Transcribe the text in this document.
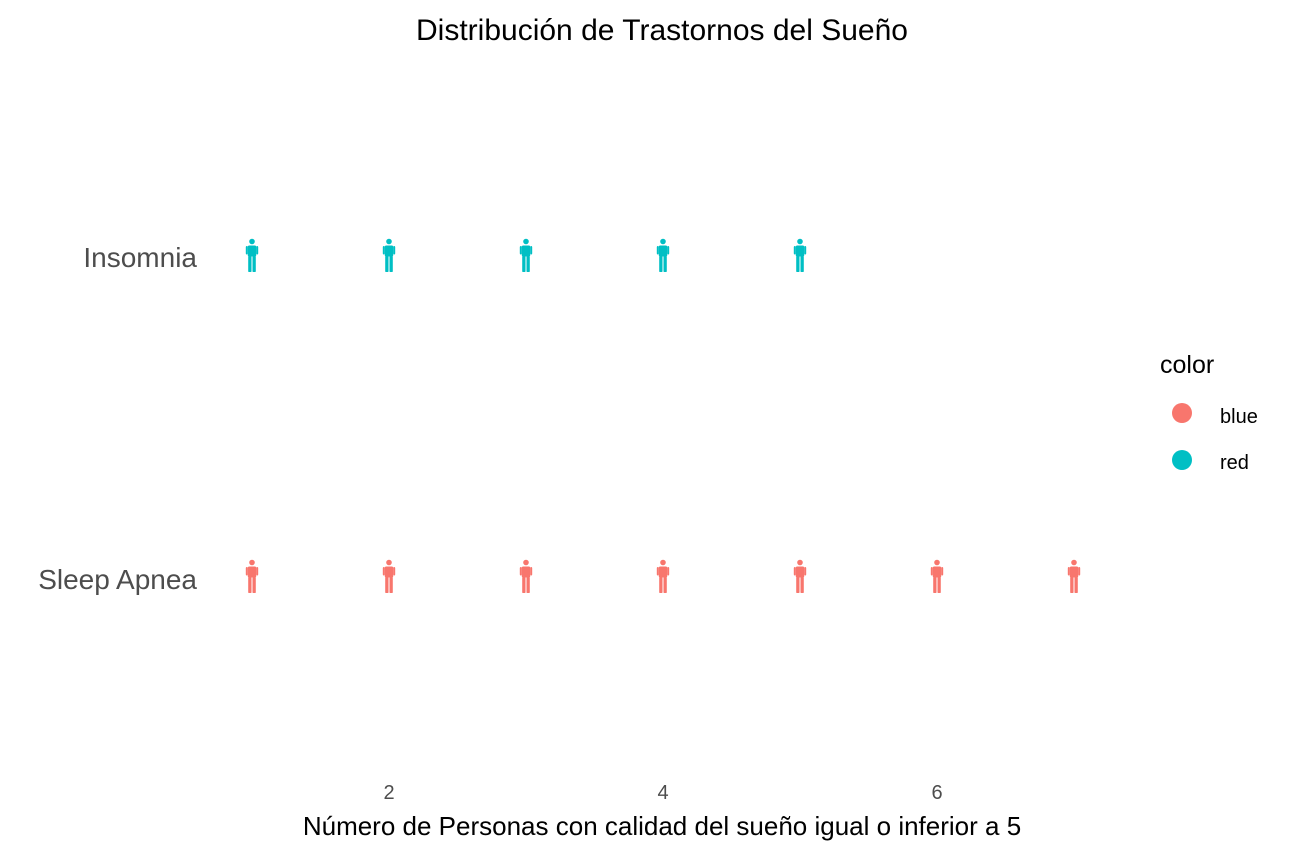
Distribución de Trastornos del Sueño
Insomnia
Sleep Apnea
2	4	6
Número de Personas con calidad del sueño igual o inferior a 5
color
blue
red
